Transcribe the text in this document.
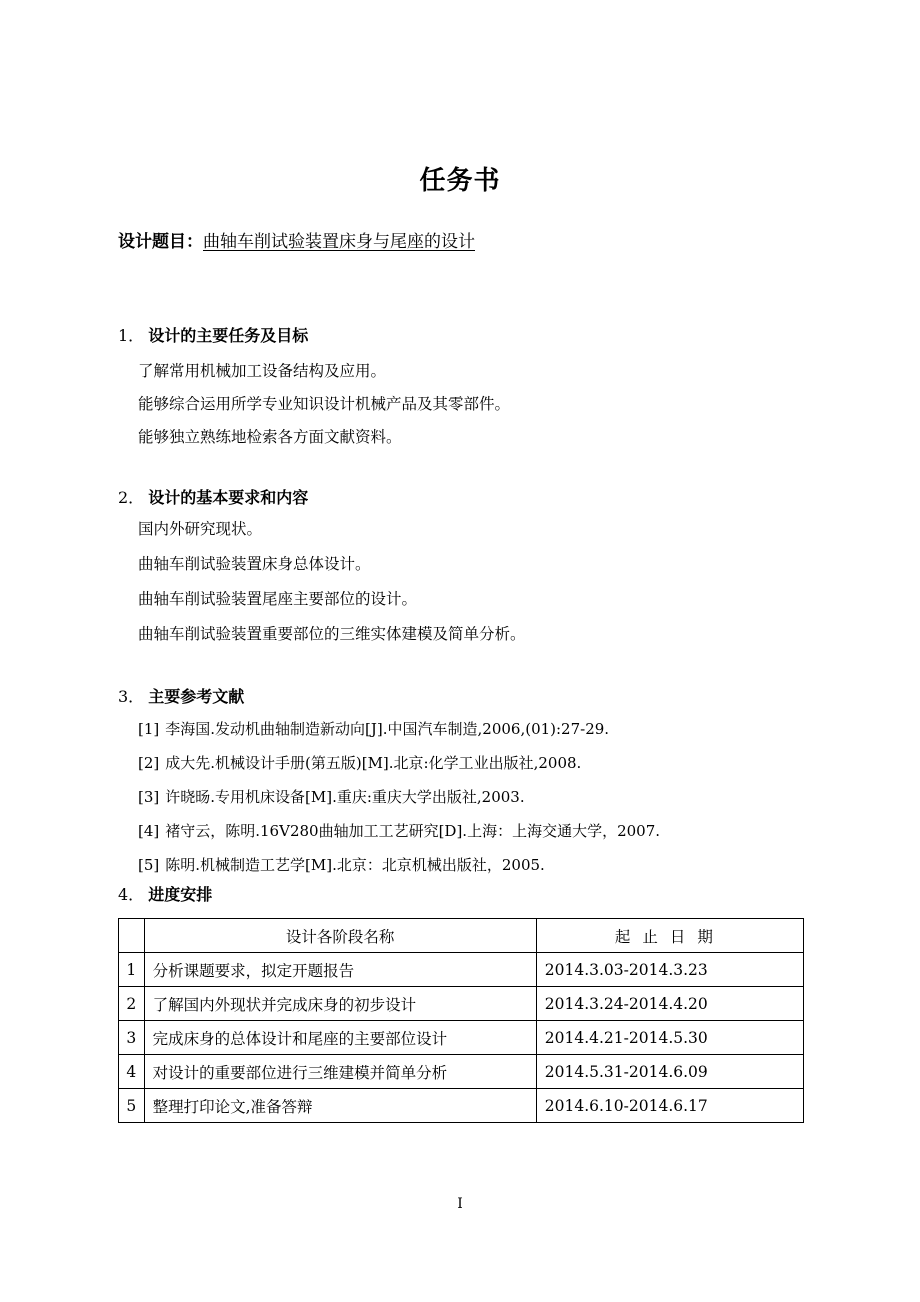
任务书
设计题目：曲轴车削试验装置床身与尾座的设计
1． 设计的主要任务及目标
了解常用机械加工设备结构及应用。
能够综合运用所学专业知识设计机械产品及其零部件。
能够独立熟练地检索各方面文献资料。
2． 设计的基本要求和内容
国内外研究现状。
曲轴车削试验装置床身总体设计。
曲轴车削试验装置尾座主要部位的设计。
曲轴车削试验装置重要部位的三维实体建模及简单分析。
3． 主要参考文献
[1] 李海国.发动机曲轴制造新动向[J].中国汽车制造,2006,(01):27-29.
[2] 成大先.机械设计手册(第五版)[M].北京:化学工业出版社,2008.
[3] 许晓旸.专用机床设备[M].重庆:重庆大学出版社,2003.
[4] 褚守云，陈明.16V280曲轴加工工艺研究[D].上海：上海交通大学，2007.
[5] 陈明.机械制造工艺学[M].北京：北京机械出版社，2005.
4． 进度安排
	设计各阶段名称	起止日期
1	分析课题要求，拟定开题报告	2014.3.03-2014.3.23
2	了解国内外现状并完成床身的初步设计	2014.3.24-2014.4.20
3	完成床身的总体设计和尾座的主要部位设计	2014.4.21-2014.5.30
4	对设计的重要部位进行三维建模并简单分析	2014.5.31-2014.6.09
5	整理打印论文,准备答辩	2014.6.10-2014.6.17
I
